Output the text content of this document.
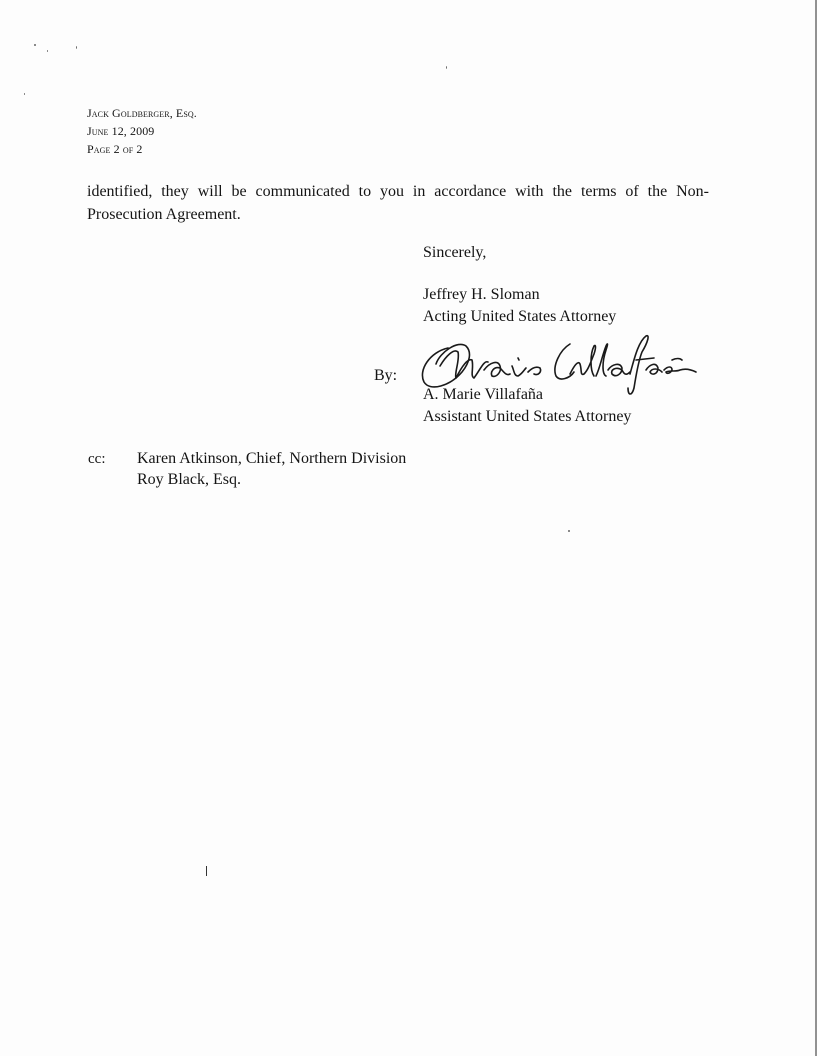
Jack Goldberger, Esq.
June 12, 2009
Page 2 of 2
identified, they will be communicated to you in accordance with the terms of the Non-Prosecution Agreement.
Sincerely,
Jeffrey H. Sloman
Acting United States Attorney
By:
A. Marie Villafaña
Assistant United States Attorney
cc: Karen Atkinson, Chief, Northern Division
Roy Black, Esq.
